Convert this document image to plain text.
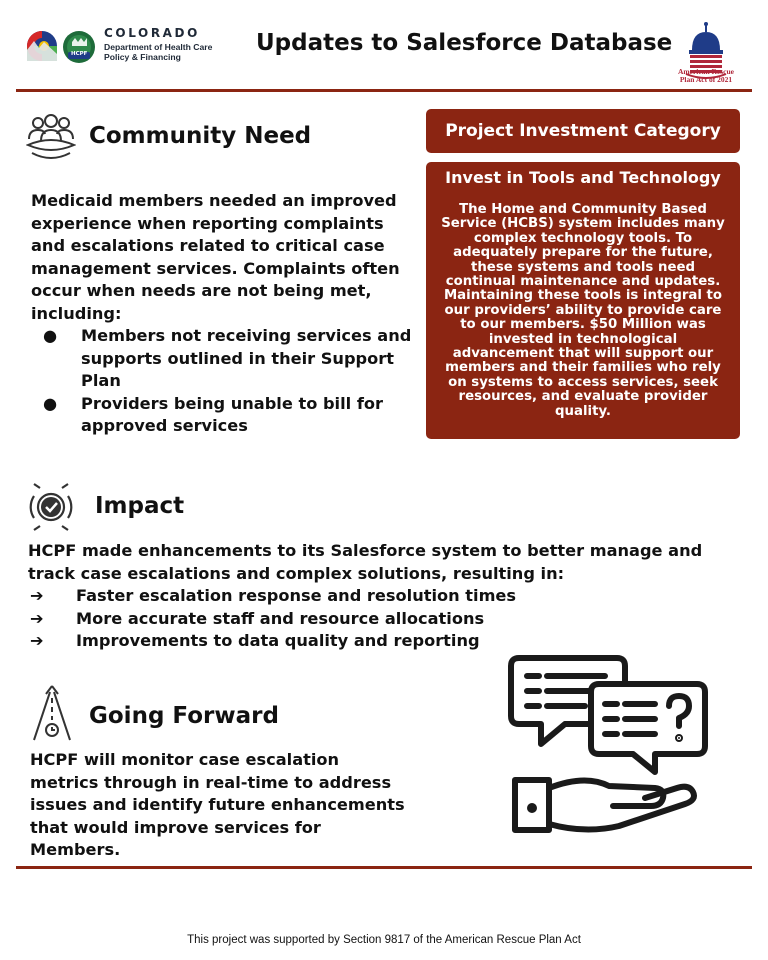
HCPF
COLORADO
Department of Health Care
Policy & Financing
Updates to Salesforce Database
American Rescue
Plan Act of 2021
Community Need
Medicaid members needed an improved experience when reporting complaints and escalations related to critical case management services. Complaints often occur when needs are not being met, including:
● Members not receiving services and supports outlined in their Support Plan
● Providers being unable to bill for approved services
Project Investment Category
Invest in Tools and Technology
The Home and Community Based Service (HCBS) system includes many complex technology tools. To adequately prepare for the future, these systems and tools need continual maintenance and updates. Maintaining these tools is integral to our providers’ ability to provide care to our members. $50 Million was invested in technological advancement that will support our members and their families who rely on systems to access services, seek resources, and evaluate provider quality.
Impact
HCPF made enhancements to its Salesforce system to better manage and track case escalations and complex solutions, resulting in:
➔ Faster escalation response and resolution times
➔ More accurate staff and resource allocations
➔ Improvements to data quality and reporting
Going Forward
HCPF will monitor case escalation metrics through in real-time to address issues and identify future enhancements that would improve services for Members.
This project was supported by Section 9817 of the American Rescue Plan Act
